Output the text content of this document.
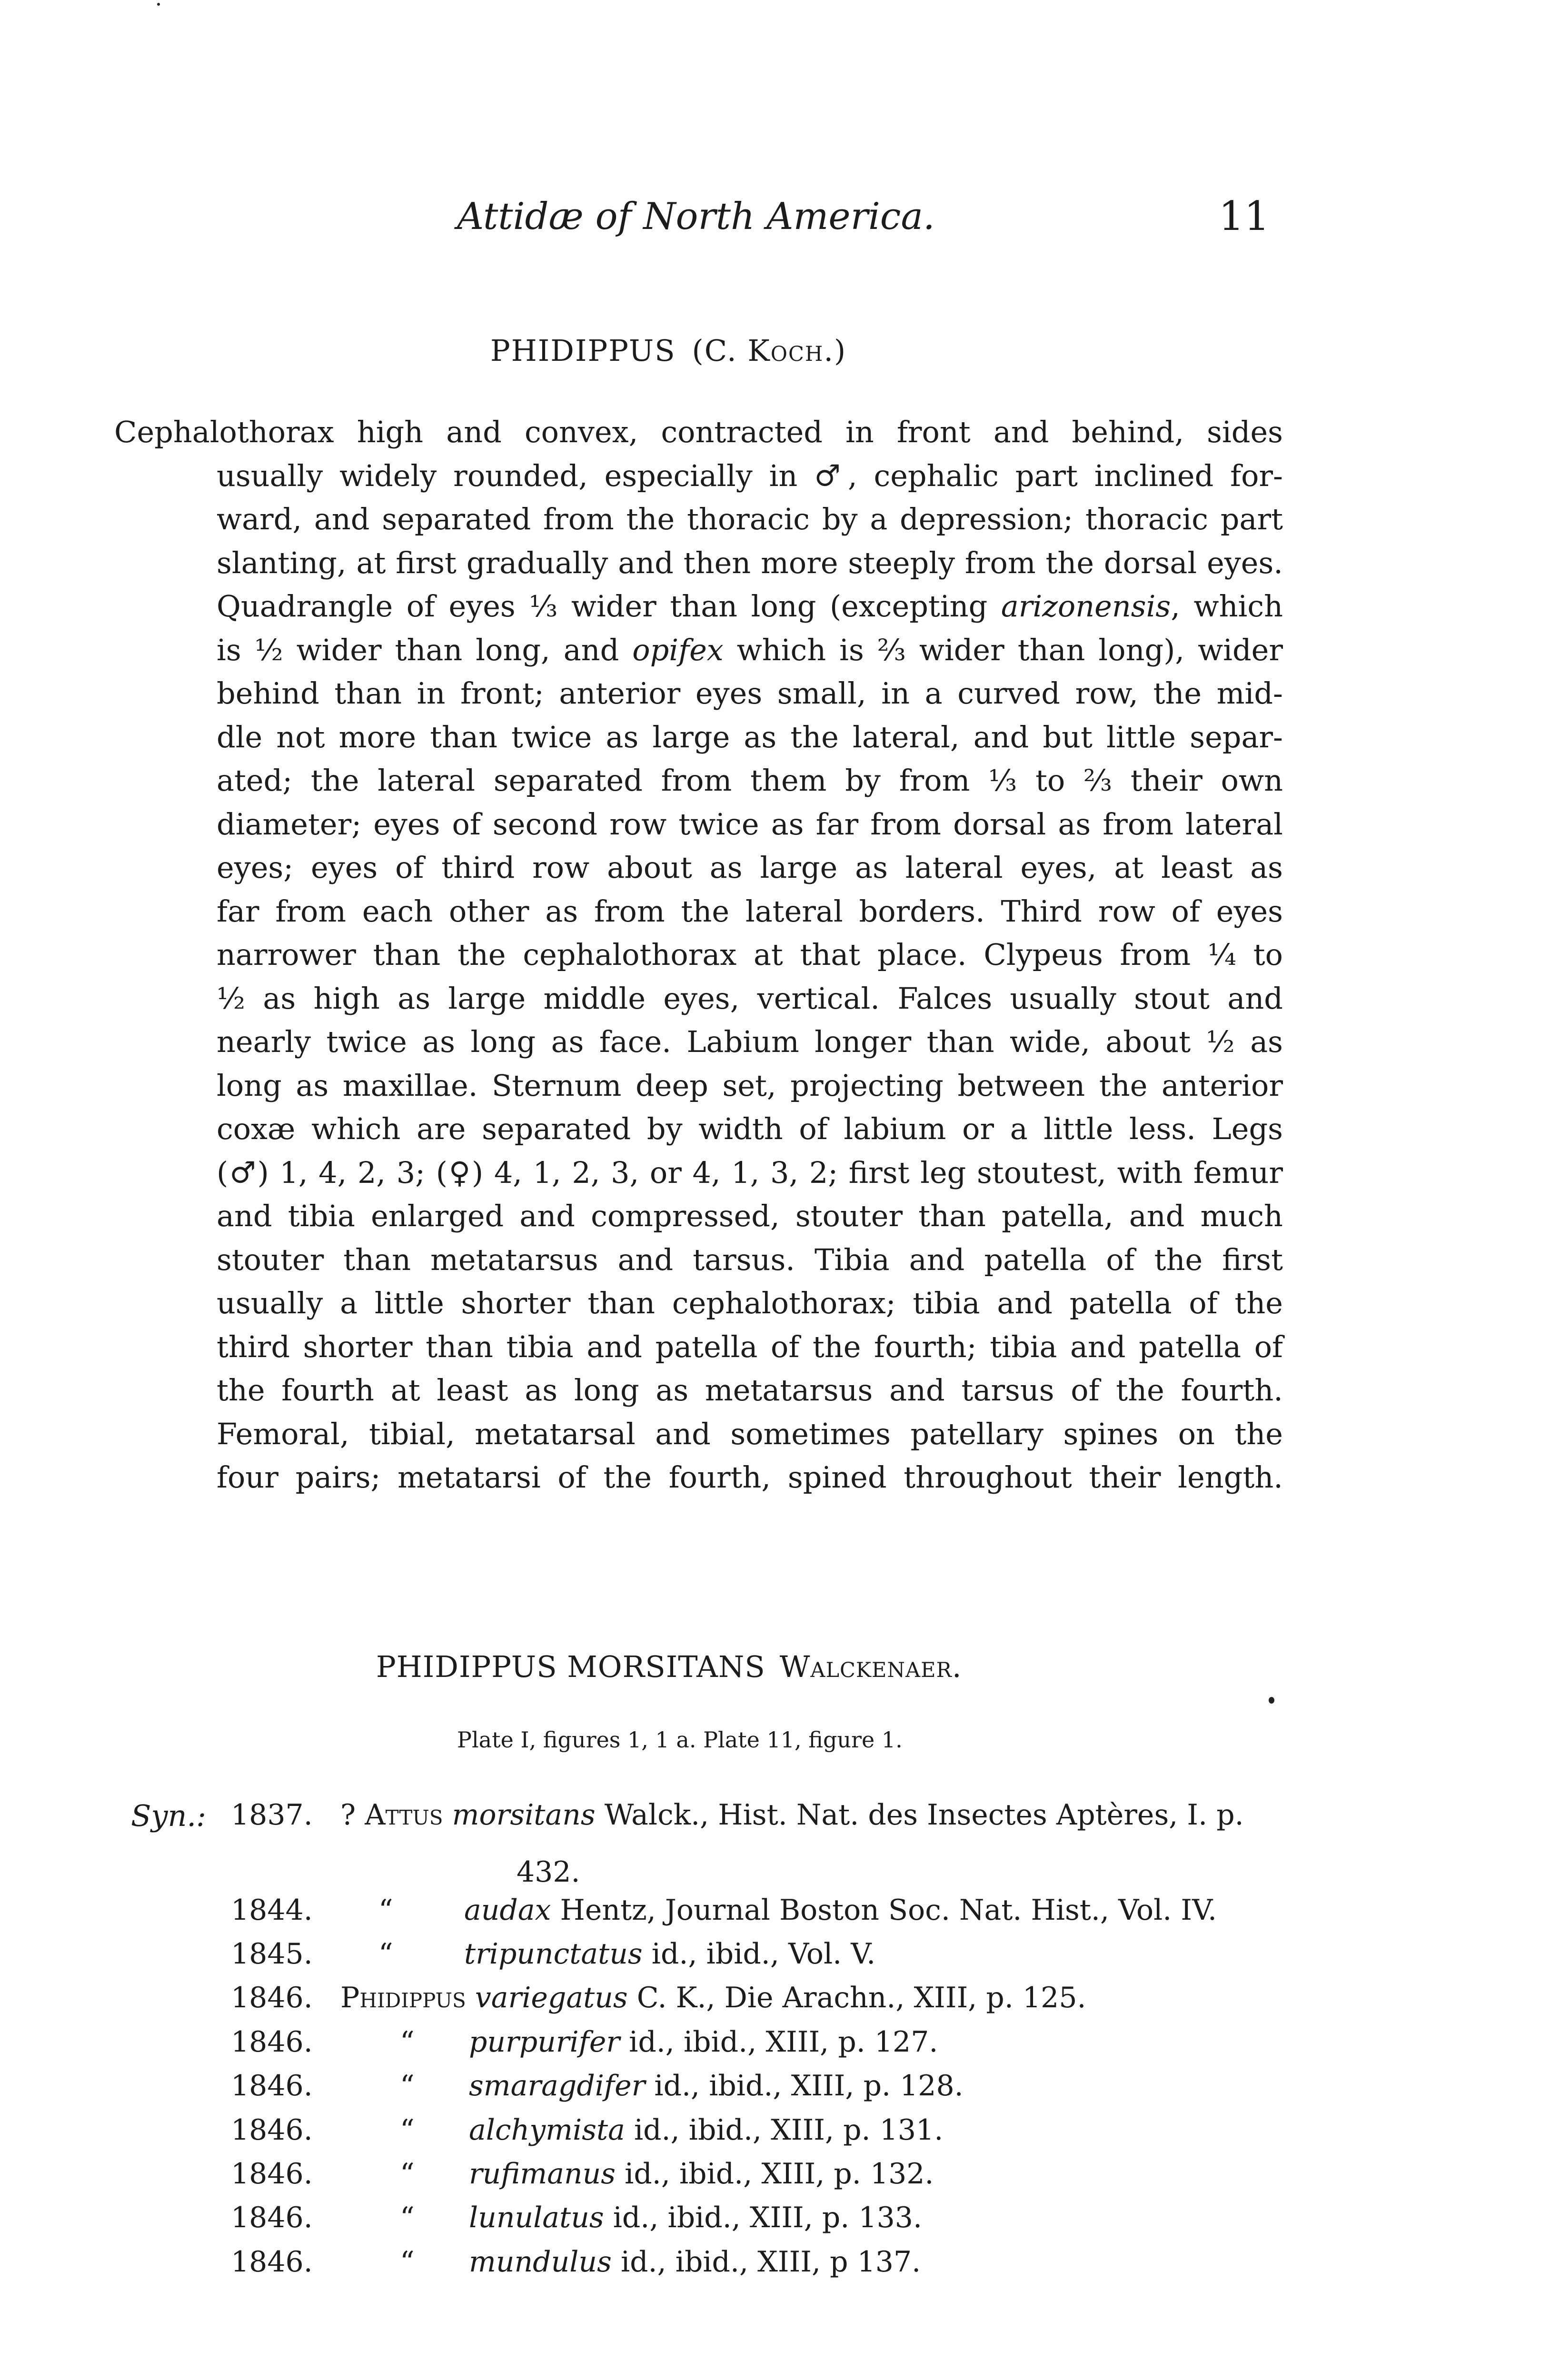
Attidæ of North America.	11
PHIDIPPUS (C. Koch.)
Cephalothorax high and convex, contracted in front and behind, sides
usually widely rounded, especially in ♂, cephalic part inclined for-
ward, and separated from the thoracic by a depression; thoracic part
slanting, at first gradually and then more steeply from the dorsal eyes.
Quadrangle of eyes ⅓ wider than long (excepting arizonensis, which
is ½ wider than long, and opifex which is ⅔ wider than long), wider
behind than in front; anterior eyes small, in a curved row, the mid-
dle not more than twice as large as the lateral, and but little separ-
ated; the lateral separated from them by from ⅓ to ⅔ their own
diameter; eyes of second row twice as far from dorsal as from lateral
eyes; eyes of third row about as large as lateral eyes, at least as
far from each other as from the lateral borders. Third row of eyes
narrower than the cephalothorax at that place. Clypeus from ¼ to
½ as high as large middle eyes, vertical. Falces usually stout and
nearly twice as long as face. Labium longer than wide, about ½ as
long as maxillae. Sternum deep set, projecting between the anterior
coxæ which are separated by width of labium or a little less. Legs
(♂) 1, 4, 2, 3; (♀) 4, 1, 2, 3, or 4, 1, 3, 2; first leg stoutest, with femur
and tibia enlarged and compressed, stouter than patella, and much
stouter than metatarsus and tarsus. Tibia and patella of the first
usually a little shorter than cephalothorax; tibia and patella of the
third shorter than tibia and patella of the fourth; tibia and patella of
the fourth at least as long as metatarsus and tarsus of the fourth.
Femoral, tibial, metatarsal and sometimes patellary spines on the
four pairs; metatarsi of the fourth, spined throughout their length.
PHIDIPPUS MORSITANS Walckenaer.
Plate I, figures 1, 1 a. Plate 11, figure 1.
Syn.: 1837. ? Attus morsitans Walck., Hist. Nat. des Insectes Aptères, I. p.
432.
1844. “ audax Hentz, Journal Boston Soc. Nat. Hist., Vol. IV.
1845. “ tripunctatus id., ibid., Vol. V.
1846. Phidippus variegatus C. K., Die Arachn., XIII, p. 125.
1846.	“ purpurifer id., ibid., XIII, p. 127.
1846.	“ smaragdifer id., ibid., XIII, p. 128.
1846.	“ alchymista id., ibid., XIII, p. 131.
1846.	“ rufimanus id., ibid., XIII, p. 132.
1846.	“ lunulatus id., ibid., XIII, p. 133.
1846.	“ mundulus id., ibid., XIII, p 137.
